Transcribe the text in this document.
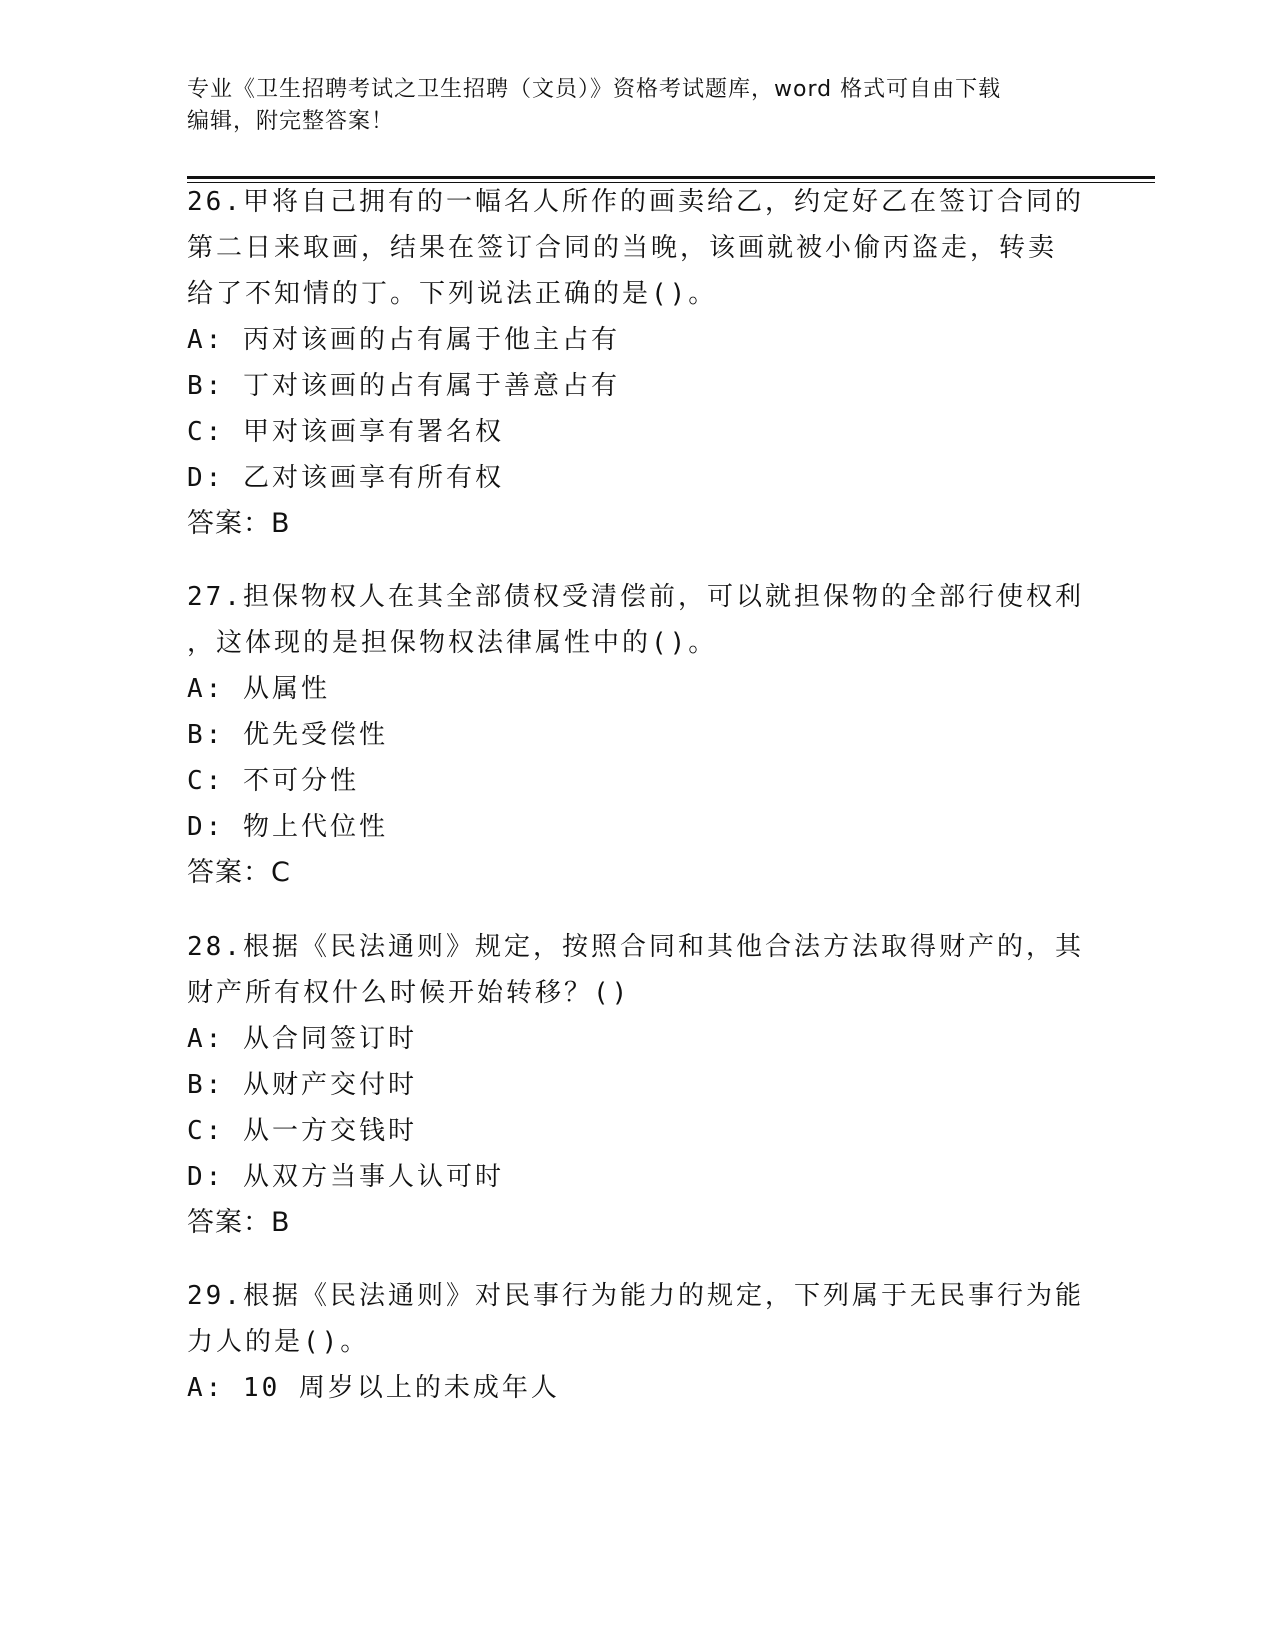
专业《卫生招聘考试之卫生招聘（文员）》资格考试题库，word 格式可自由下载
编辑，附完整答案！

26.甲将自己拥有的一幅名人所作的画卖给乙，约定好乙在签订合同的
第二日来取画，结果在签订合同的当晚，该画就被小偷丙盗走，转卖
给了不知情的丁。下列说法正确的是()。

A: 丙对该画的占有属于他主占有
B: 丁对该画的占有属于善意占有
C: 甲对该画享有署名权
D: 乙对该画享有所有权
答案：B

27.担保物权人在其全部债权受清偿前，可以就担保物的全部行使权利
，这体现的是担保物权法律属性中的()。

A: 从属性
B: 优先受偿性
C: 不可分性
D: 物上代位性
答案：C

28.根据《民法通则》规定，按照合同和其他合法方法取得财产的，其
财产所有权什么时候开始转移？()

A: 从合同签订时
B: 从财产交付时
C: 从一方交钱时
D: 从双方当事人认可时
答案：B

29.根据《民法通则》对民事行为能力的规定，下列属于无民事行为能
力人的是()。

A: 10 周岁以上的未成年人
